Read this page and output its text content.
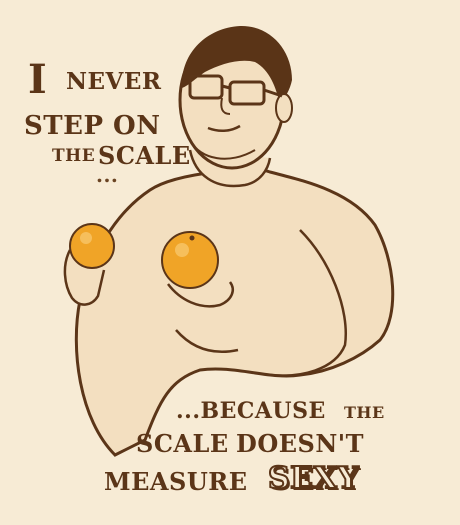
I NEVER
STEP ON
THE SCALE
...
...BECAUSE THE
SCALE DOESN'T
MEASURE SEXY
